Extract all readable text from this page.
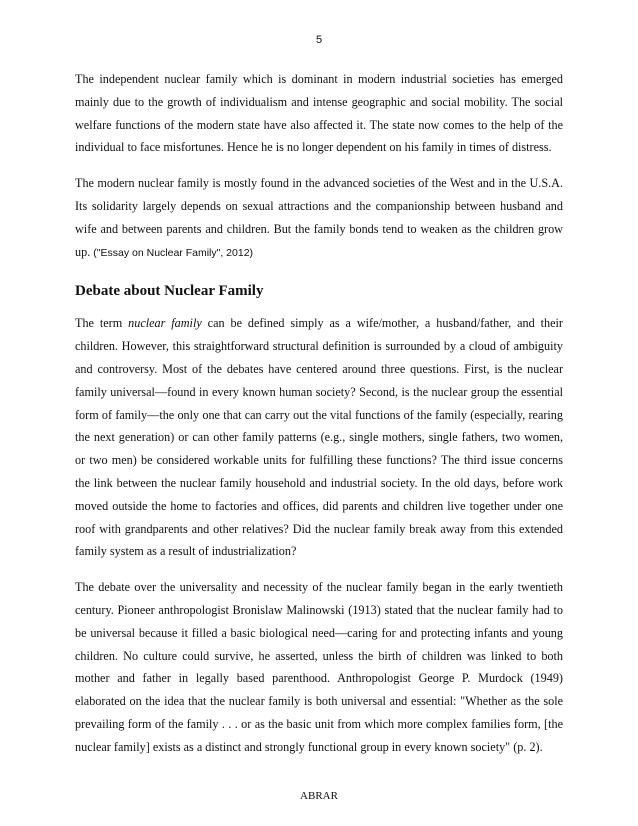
5

The independent nuclear family which is dominant in modern industrial societies has emerged mainly due to the growth of individualism and intense geographic and social mobility. The social welfare functions of the modern state have also affected it. The state now comes to the help of the individual to face misfortunes. Hence he is no longer dependent on his family in times of distress.

The modern nuclear family is mostly found in the advanced societies of the West and in the U.S.A. Its solidarity largely depends on sexual attractions and the companionship between husband and wife and between parents and children. But the family bonds tend to weaken as the children grow up. ("Essay on Nuclear Family", 2012)

Debate about Nuclear Family

The term nuclear family can be defined simply as a wife/mother, a husband/father, and their children. However, this straightforward structural definition is surrounded by a cloud of ambiguity and controversy. Most of the debates have centered around three questions. First, is the nuclear family universal—found in every known human society? Second, is the nuclear group the essential form of family—the only one that can carry out the vital functions of the family (especially, rearing the next generation) or can other family patterns (e.g., single mothers, single fathers, two women, or two men) be considered workable units for fulfilling these functions? The third issue concerns the link between the nuclear family household and industrial society. In the old days, before work moved outside the home to factories and offices, did parents and children live together under one roof with grandparents and other relatives? Did the nuclear family break away from this extended family system as a result of industrialization?

The debate over the universality and necessity of the nuclear family began in the early twentieth century. Pioneer anthropologist Bronislaw Malinowski (1913) stated that the nuclear family had to be universal because it filled a basic biological need—caring for and protecting infants and young children. No culture could survive, he asserted, unless the birth of children was linked to both mother and father in legally based parenthood. Anthropologist George P. Murdock (1949) elaborated on the idea that the nuclear family is both universal and essential: "Whether as the sole prevailing form of the family . . . or as the basic unit from which more complex families form, [the nuclear family] exists as a distinct and strongly functional group in every known society" (p. 2).

ABRAR
